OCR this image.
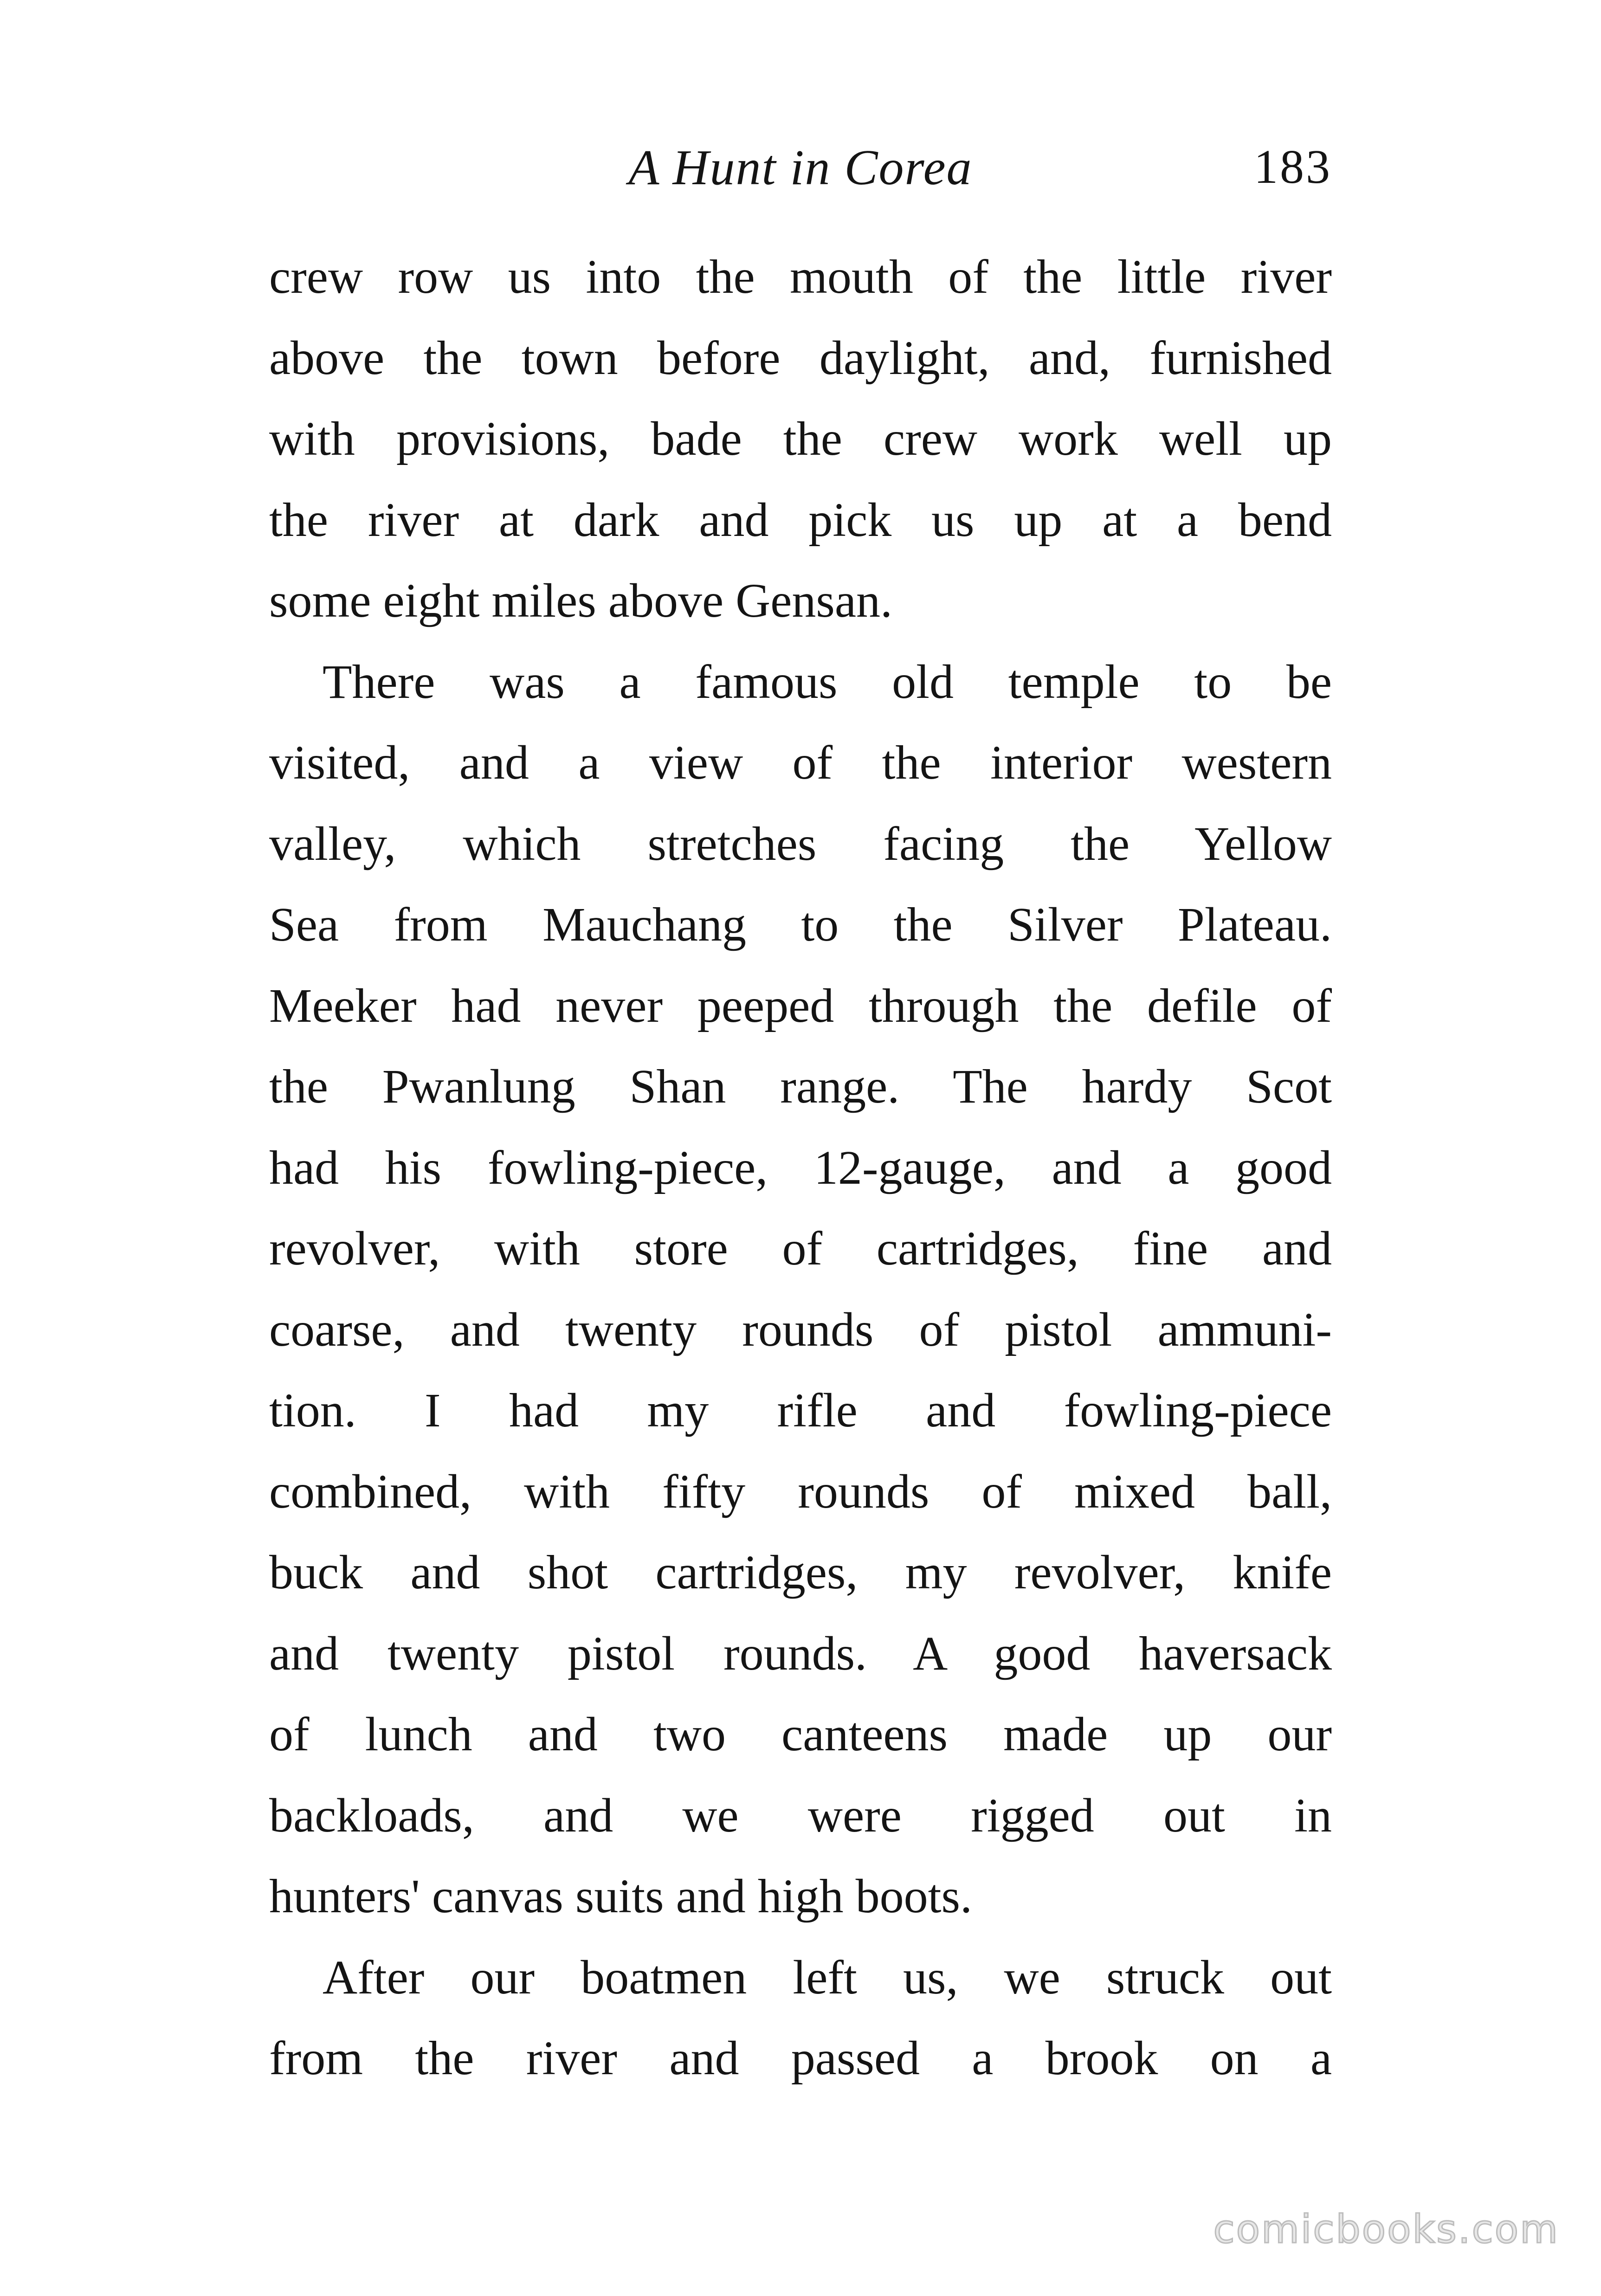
A Hunt in Corea	183
crew row us into the mouth of the little river
above the town before daylight, and, furnished
with provisions, bade the crew work well up
the river at dark and pick us up at a bend
some eight miles above Gensan.
There was a famous old temple to be
visited, and a view of the interior western
valley, which stretches facing the Yellow
Sea from Mauchang to the Silver Plateau.
Meeker had never peeped through the defile of
the Pwanlung Shan range. The hardy Scot
had his fowling-piece, 12-gauge, and a good
revolver, with store of cartridges, fine and
coarse, and twenty rounds of pistol ammuni-
tion. I had my rifle and fowling-piece
combined, with fifty rounds of mixed ball,
buck and shot cartridges, my revolver, knife
and twenty pistol rounds. A good haversack
of lunch and two canteens made up our
backloads, and we were rigged out in
hunters' canvas suits and high boots.
After our boatmen left us, we struck out
from the river and passed a brook on a
comicbooks.com
